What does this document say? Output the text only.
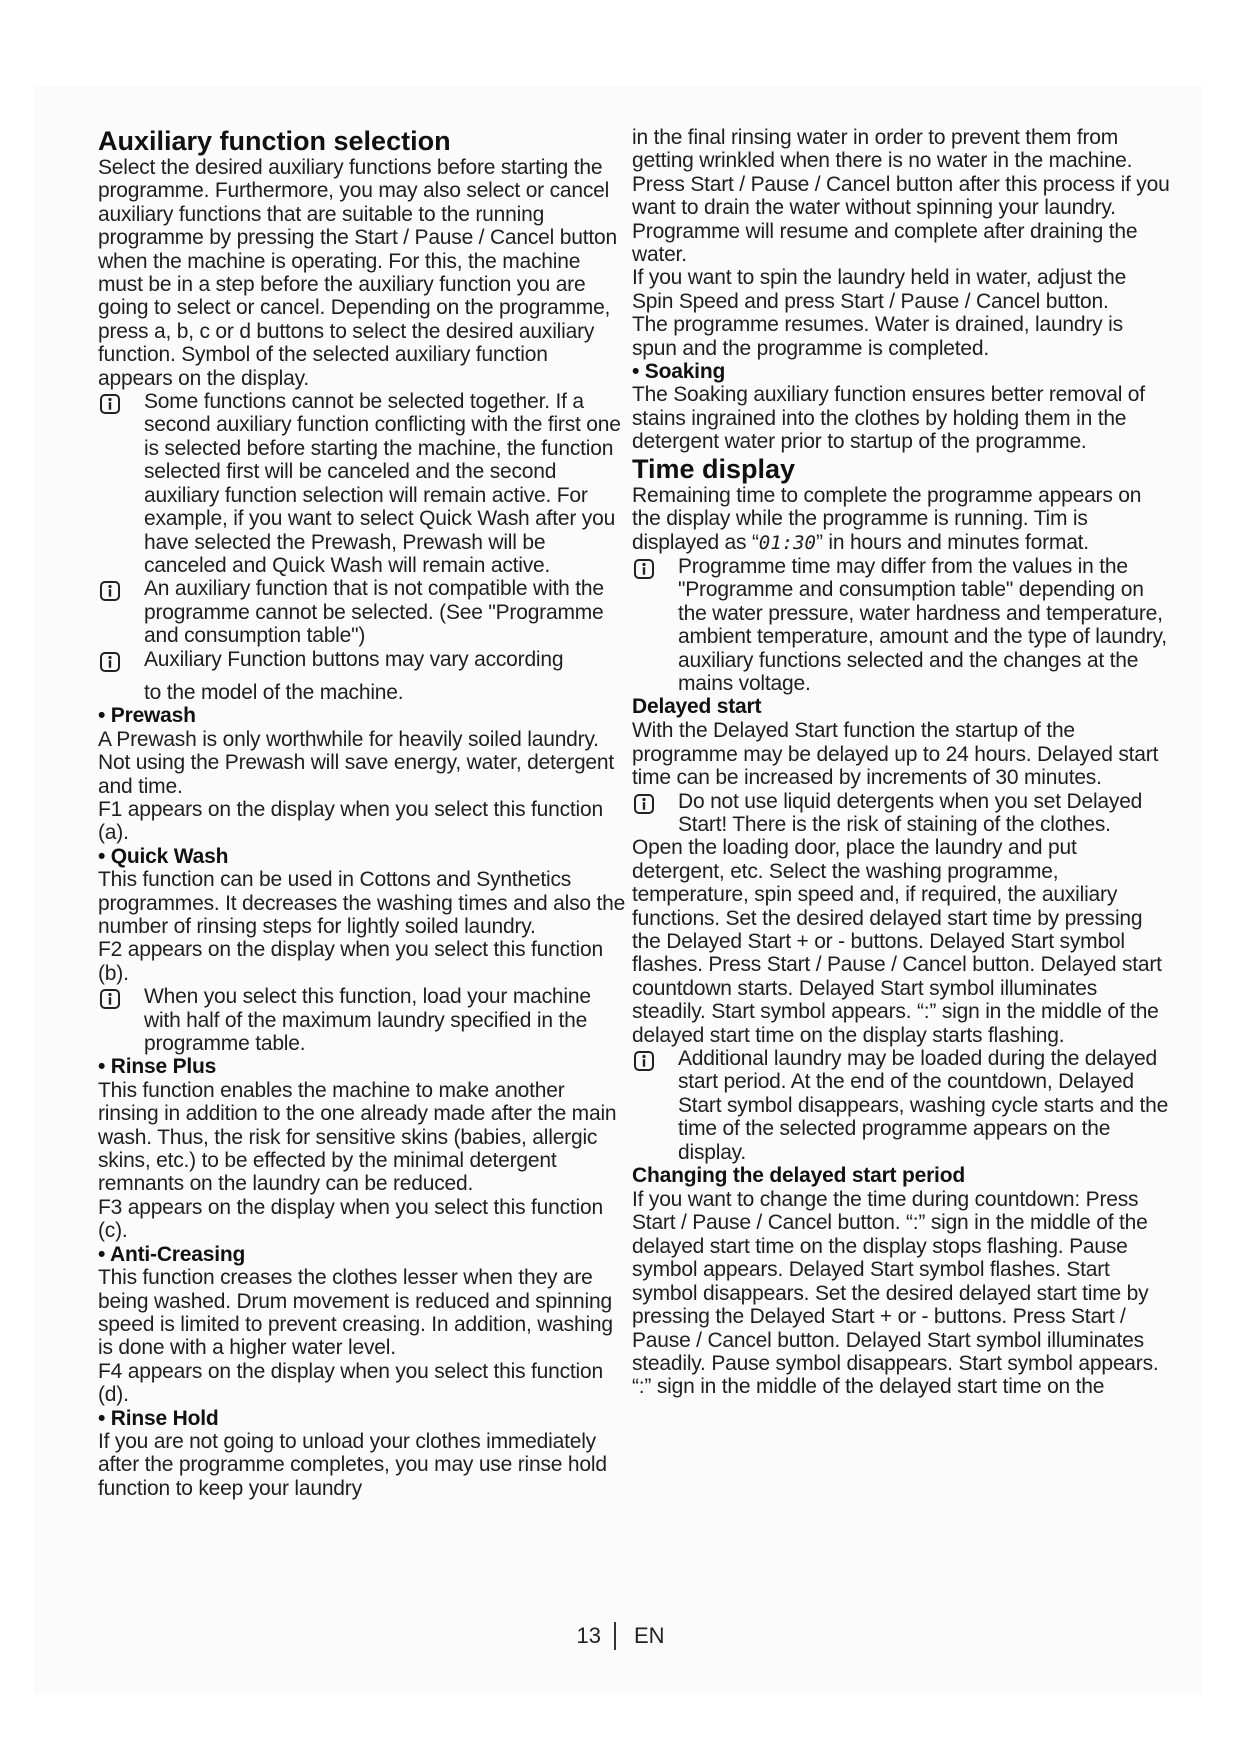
Auxiliary function selection

Select the desired auxiliary functions before starting the programme. Furthermore, you may also select or cancel auxiliary functions that are suitable to the running programme by pressing the Start / Pause / Cancel button when the machine is operating. For this, the machine must be in a step before the auxiliary function you are going to select or cancel. Depending on the programme, press a, b, c or d buttons to select the desired auxiliary function. Symbol of the selected auxiliary function appears on the display.

Some functions cannot be selected together. If a second auxiliary function conflicting with the first one is selected before starting the machine, the function selected first will be canceled and the second auxiliary function selection will remain active. For example, if you want to select Quick Wash after you have selected the Prewash, Prewash will be canceled and Quick Wash will remain active.

An auxiliary function that is not compatible with the programme cannot be selected. (See "Programme and consumption table")

Auxiliary Function buttons may vary according

to the model of the machine.

• Prewash

A Prewash is only worthwhile for heavily soiled laundry. Not using the Prewash will save energy, water, detergent and time.

F1 appears on the display when you select this function (a).

• Quick Wash

This function can be used in Cottons and Synthetics programmes. It decreases the washing times and also the number of rinsing steps for lightly soiled laundry.

F2 appears on the display when you select this function (b).

When you select this function, load your machine with half of the maximum laundry specified in the programme table.

• Rinse Plus

This function enables the machine to make another rinsing in addition to the one already made after the main wash. Thus, the risk for sensitive skins (babies, allergic skins, etc.) to be effected by the minimal detergent remnants on the laundry can be reduced.

F3 appears on the display when you select this function (c).

• Anti-Creasing

This function creases the clothes lesser when they are being washed. Drum movement is reduced and spinning speed is limited to prevent creasing. In addition, washing is done with a higher water level.

F4 appears on the display when you select this function (d).

• Rinse Hold

If you are not going to unload your clothes immediately after the programme completes, you may use rinse hold function to keep your laundry

in the final rinsing water in order to prevent them from getting wrinkled when there is no water in the machine. Press Start / Pause / Cancel button after this process if you want to drain the water without spinning your laundry. Programme will resume and complete after draining the water.

If you want to spin the laundry held in water, adjust the Spin Speed and press Start / Pause / Cancel button.

The programme resumes. Water is drained, laundry is spun and the programme is completed.

• Soaking

The Soaking auxiliary function ensures better removal of stains ingrained into the clothes by holding them in the detergent water prior to startup of the programme.

Time display

Remaining time to complete the programme appears on the display while the programme is running. Tim is displayed as “01:30” in hours and minutes format.

Programme time may differ from the values in the "Programme and consumption table" depending on the water pressure, water hardness and temperature, ambient temperature, amount and the type of laundry, auxiliary functions selected and the changes at the mains voltage.

Delayed start

With the Delayed Start function the startup of the programme may be delayed up to 24 hours. Delayed start time can be increased by increments of 30 minutes.

Do not use liquid detergents when you set Delayed Start! There is the risk of staining of the clothes.

Open the loading door, place the laundry and put detergent, etc. Select the washing programme, temperature, spin speed and, if required, the auxiliary functions. Set the desired delayed start time by pressing the Delayed Start + or - buttons. Delayed Start symbol flashes. Press Start / Pause / Cancel button. Delayed start countdown starts. Delayed Start symbol illuminates steadily. Start symbol appears. “:” sign in the middle of the delayed start time on the display starts flashing.

Additional laundry may be loaded during the delayed start period. At the end of the countdown, Delayed Start symbol disappears, washing cycle starts and the time of the selected programme appears on the display.

Changing the delayed start period

If you want to change the time during countdown: Press Start / Pause / Cancel button. “:” sign in the middle of the delayed start time on the display stops flashing. Pause symbol appears. Delayed Start symbol flashes. Start symbol disappears. Set the desired delayed start time by pressing the Delayed Start + or - buttons. Press Start / Pause / Cancel button. Delayed Start symbol illuminates steadily. Pause symbol disappears. Start symbol appears. “:” sign in the middle of the delayed start time on the

13 EN
